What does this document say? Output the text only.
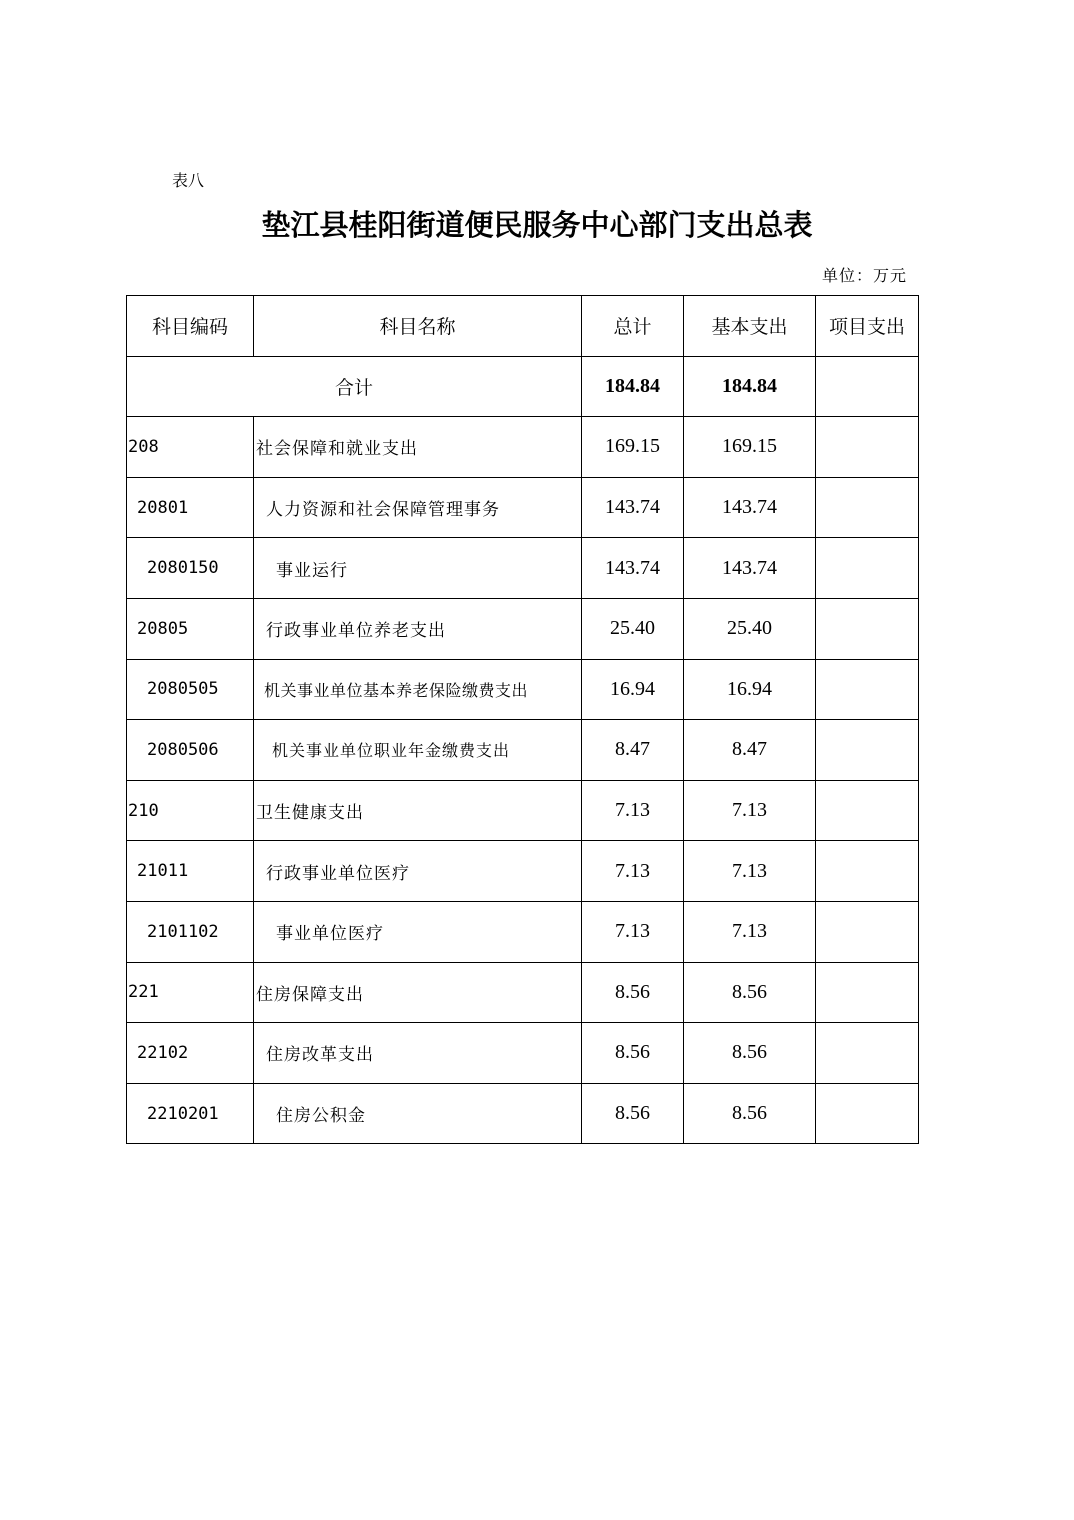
表八
垫江县桂阳街道便民服务中心部门支出总表
单位：万元
科目编码	科目名称	总计	基本支出	项目支出
合计		184.84	184.84	
208	社会保障和就业支出	169.15	169.15	
20801	人力资源和社会保障管理事务	143.74	143.74	
2080150	事业运行	143.74	143.74	
20805	行政事业单位养老支出	25.40	25.40	
2080505	机关事业单位基本养老保险缴费支出	16.94	16.94	
2080506	机关事业单位职业年金缴费支出	8.47	8.47	
210	卫生健康支出	7.13	7.13	
21011	行政事业单位医疗	7.13	7.13	
2101102	事业单位医疗	7.13	7.13	
221	住房保障支出	8.56	8.56	
22102	住房改革支出	8.56	8.56	
2210201	住房公积金	8.56	8.56	
